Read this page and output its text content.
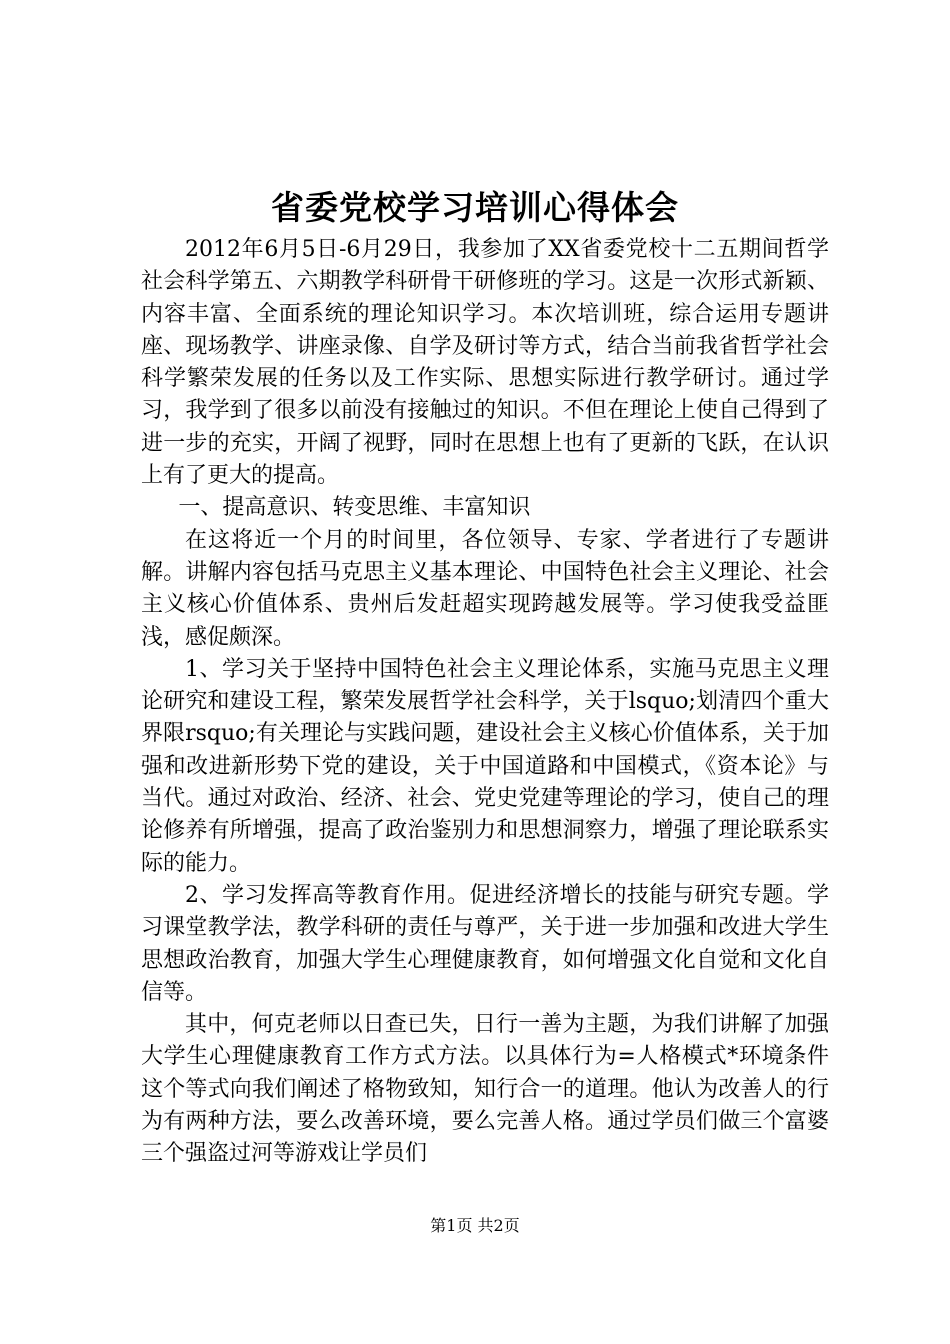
省委党校学习培训心得体会

2012年6月5日-6月29日，我参加了XX省委党校十二五期间哲学社会科学第五、六期教学科研骨干研修班的学习。这是一次形式新颖、内容丰富、全面系统的理论知识学习。本次培训班，综合运用专题讲座、现场教学、讲座录像、自学及研讨等方式，结合当前我省哲学社会科学繁荣发展的任务以及工作实际、思想实际进行教学研讨。通过学习，我学到了很多以前没有接触过的知识。不但在理论上使自己得到了进一步的充实，开阔了视野，同时在思想上也有了更新的飞跃，在认识上有了更大的提高。

一、提高意识、转变思维、丰富知识

在这将近一个月的时间里，各位领导、专家、学者进行了专题讲解。讲解内容包括马克思主义基本理论、中国特色社会主义理论、社会主义核心价值体系、贵州后发赶超实现跨越发展等。学习使我受益匪浅，感促颇深。

1、学习关于坚持中国特色社会主义理论体系，实施马克思主义理论研究和建设工程，繁荣发展哲学社会科学，关于lsquo;划清四个重大界限rsquo;有关理论与实践问题，建设社会主义核心价值体系，关于加强和改进新形势下党的建设，关于中国道路和中国模式，《资本论》与当代。通过对政治、经济、社会、党史党建等理论的学习，使自己的理论修养有所增强，提高了政治鉴别力和思想洞察力，增强了理论联系实际的能力。

2、学习发挥高等教育作用。促进经济增长的技能与研究专题。学习课堂教学法，教学科研的责任与尊严，关于进一步加强和改进大学生思想政治教育，加强大学生心理健康教育，如何增强文化自觉和文化自信等。

其中，何克老师以日查已失，日行一善为主题，为我们讲解了加强大学生心理健康教育工作方式方法。以具体行为=人格模式*环境条件这个等式向我们阐述了格物致知，知行合一的道理。他认为改善人的行为有两种方法，要么改善环境，要么完善人格。通过学员们做三个富婆三个强盗过河等游戏让学员们

第1页 共2页
